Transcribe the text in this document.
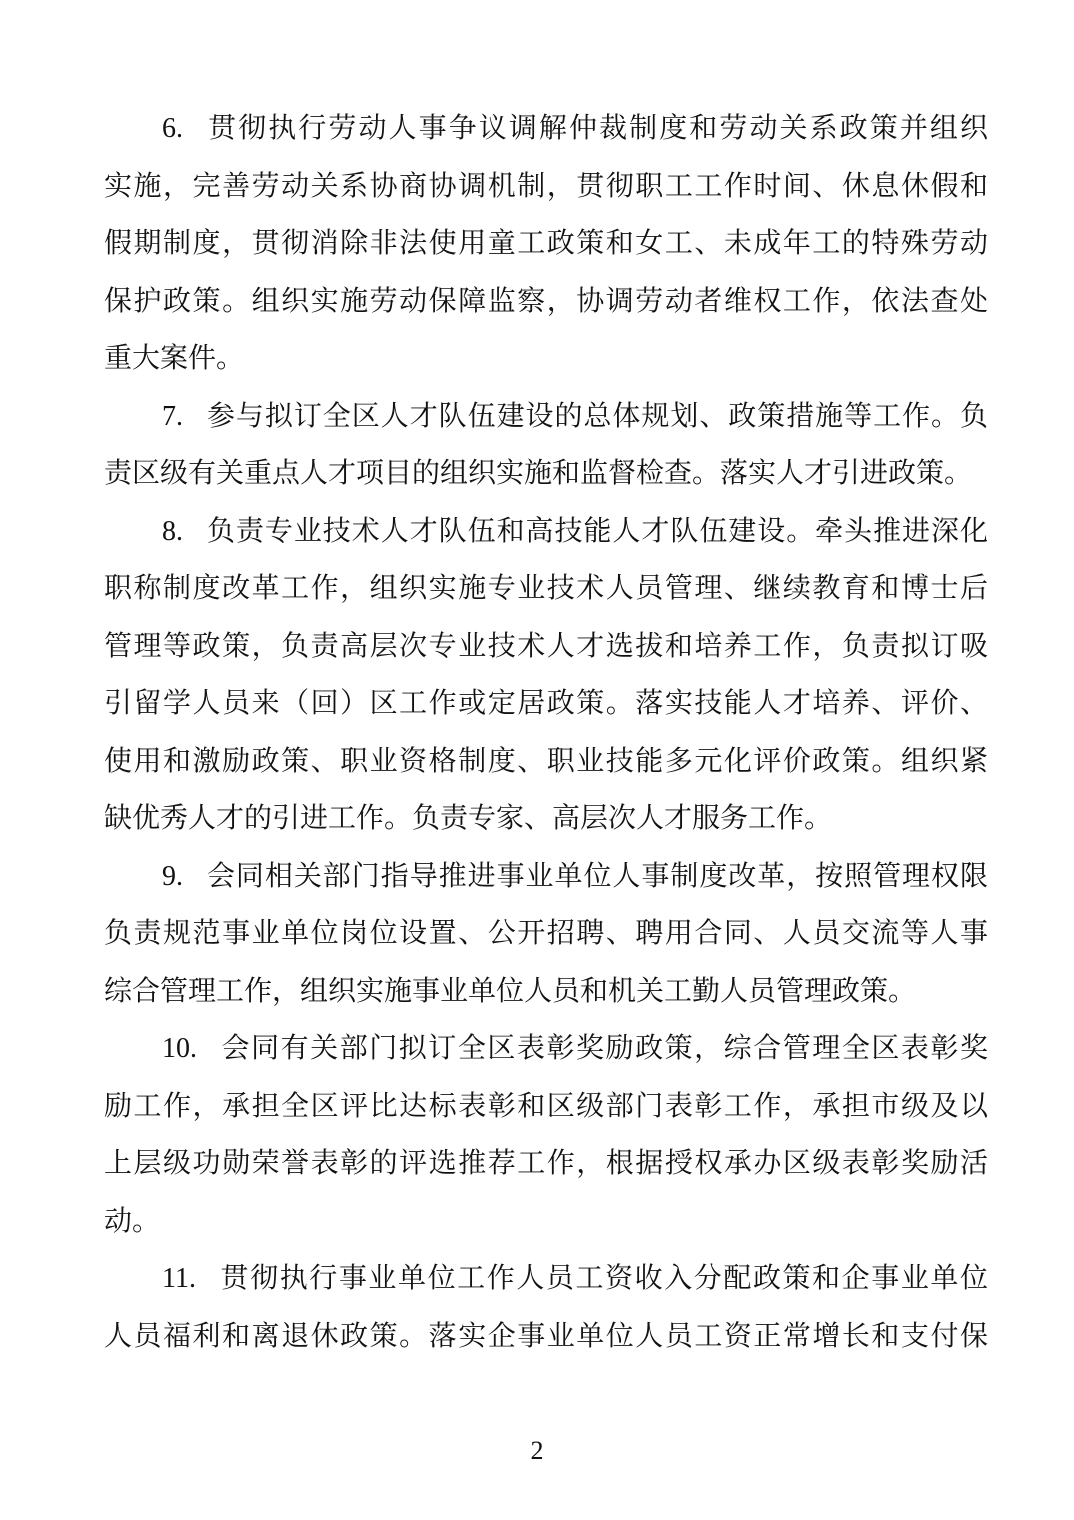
6. 贯彻执行劳动人事争议调解仲裁制度和劳动关系政策并组织
实施，完善劳动关系协商协调机制，贯彻职工工作时间、休息休假和
假期制度，贯彻消除非法使用童工政策和女工、未成年工的特殊劳动
保护政策。组织实施劳动保障监察，协调劳动者维权工作，依法查处
重大案件。
7. 参与拟订全区人才队伍建设的总体规划、政策措施等工作。负
责区级有关重点人才项目的组织实施和监督检查。落实人才引进政策。
8. 负责专业技术人才队伍和高技能人才队伍建设。牵头推进深化
职称制度改革工作，组织实施专业技术人员管理、继续教育和博士后
管理等政策，负责高层次专业技术人才选拔和培养工作，负责拟订吸
引留学人员来（回）区工作或定居政策。落实技能人才培养、评价、
使用和激励政策、职业资格制度、职业技能多元化评价政策。组织紧
缺优秀人才的引进工作。负责专家、高层次人才服务工作。
9. 会同相关部门指导推进事业单位人事制度改革，按照管理权限
负责规范事业单位岗位设置、公开招聘、聘用合同、人员交流等人事
综合管理工作，组织实施事业单位人员和机关工勤人员管理政策。
10. 会同有关部门拟订全区表彰奖励政策，综合管理全区表彰奖
励工作，承担全区评比达标表彰和区级部门表彰工作，承担市级及以
上层级功勋荣誉表彰的评选推荐工作，根据授权承办区级表彰奖励活
动。
11. 贯彻执行事业单位工作人员工资收入分配政策和企事业单位
人员福利和离退休政策。落实企事业单位人员工资正常增长和支付保
2
